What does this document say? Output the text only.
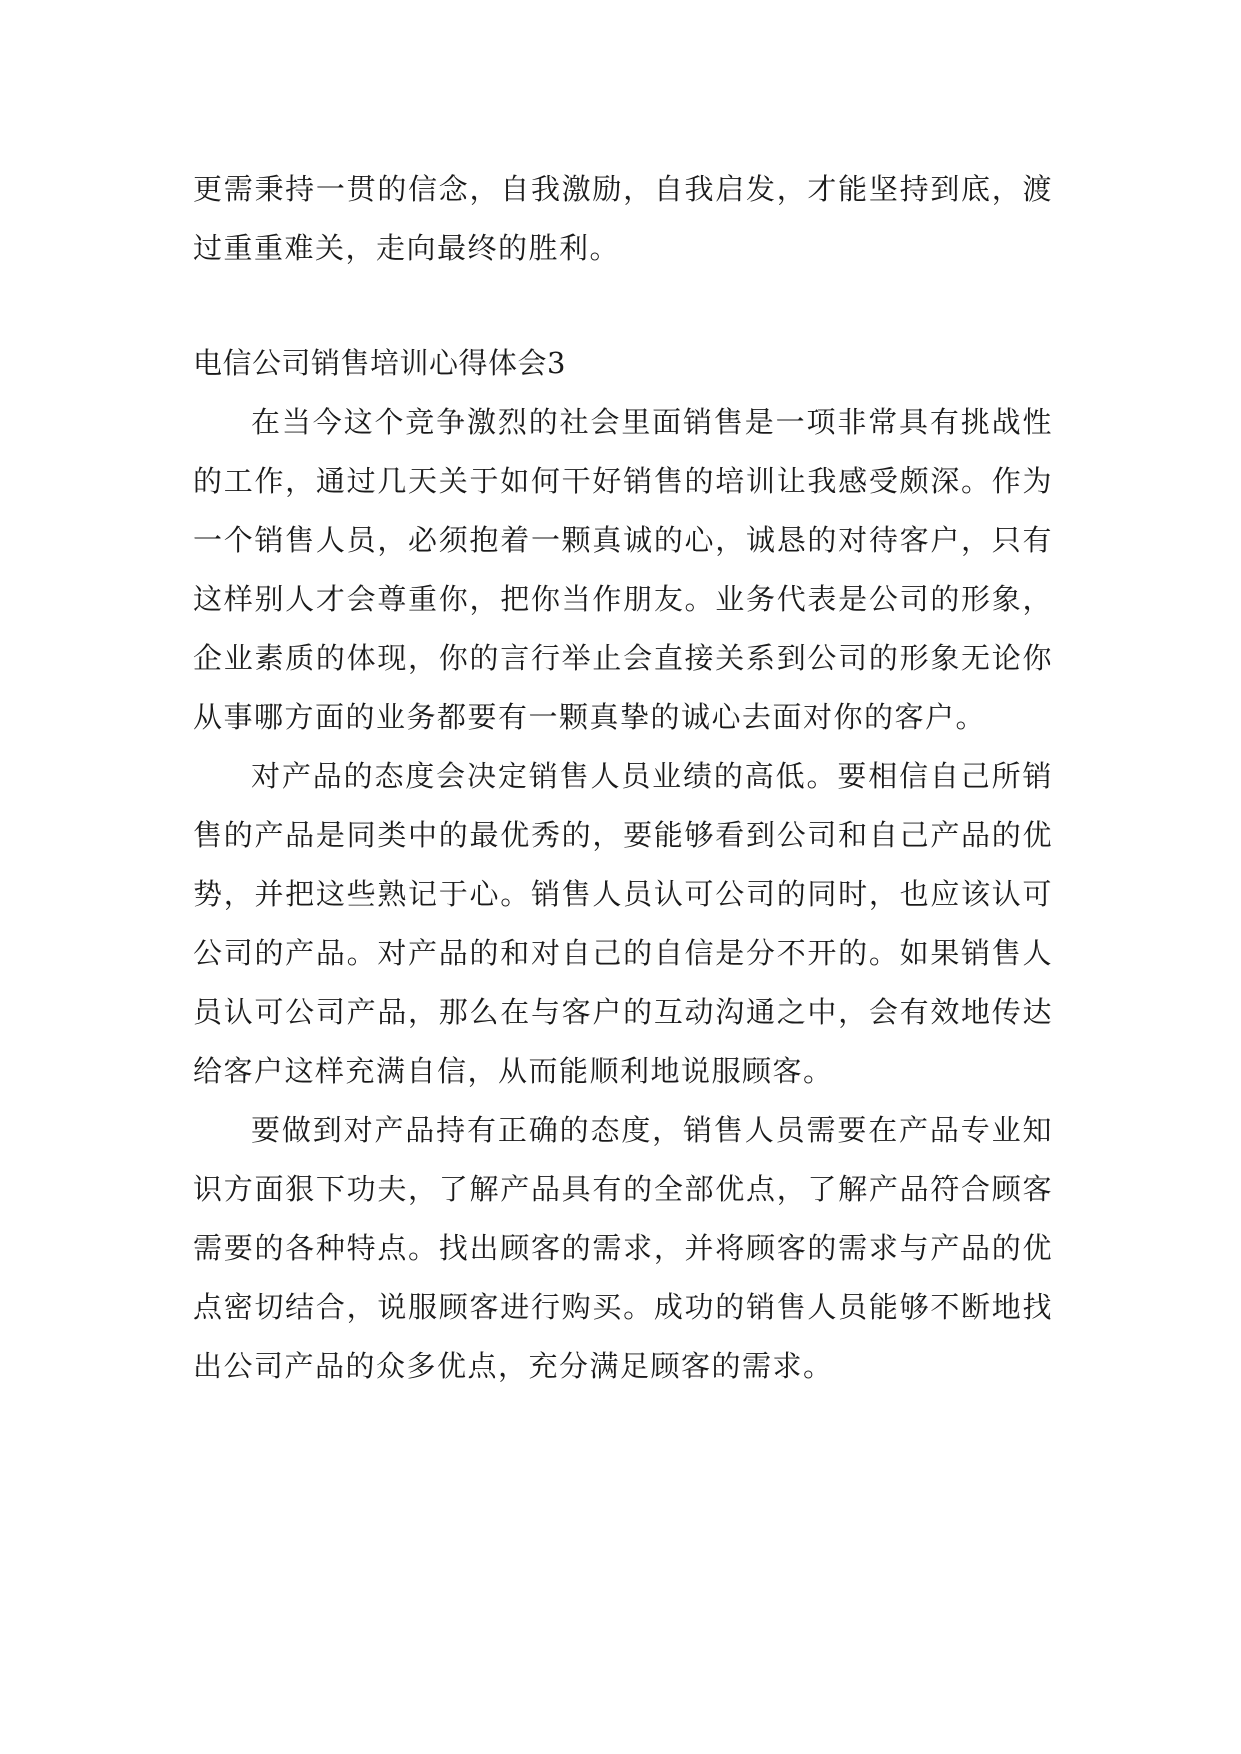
更需秉持一贯的信念，自我激励，自我启发，才能坚持到底，渡过重重难关，走向最终的胜利。

电信公司销售培训心得体会3

在当今这个竞争激烈的社会里面销售是一项非常具有挑战性的工作，通过几天关于如何干好销售的培训让我感受颇深。作为一个销售人员，必须抱着一颗真诚的心，诚恳的对待客户，只有这样别人才会尊重你，把你当作朋友。业务代表是公司的形象，企业素质的体现，你的言行举止会直接关系到公司的形象无论你从事哪方面的业务都要有一颗真挚的诚心去面对你的客户。

对产品的态度会决定销售人员业绩的高低。要相信自己所销售的产品是同类中的最优秀的，要能够看到公司和自己产品的优势，并把这些熟记于心。销售人员认可公司的同时，也应该认可公司的产品。对产品的和对自己的自信是分不开的。如果销售人员认可公司产品，那么在与客户的互动沟通之中，会有效地传达给客户这样充满自信，从而能顺利地说服顾客。

要做到对产品持有正确的态度，销售人员需要在产品专业知识方面狠下功夫，了解产品具有的全部优点，了解产品符合顾客需要的各种特点。找出顾客的需求，并将顾客的需求与产品的优点密切结合，说服顾客进行购买。成功的销售人员能够不断地找出公司产品的众多优点，充分满足顾客的需求。
